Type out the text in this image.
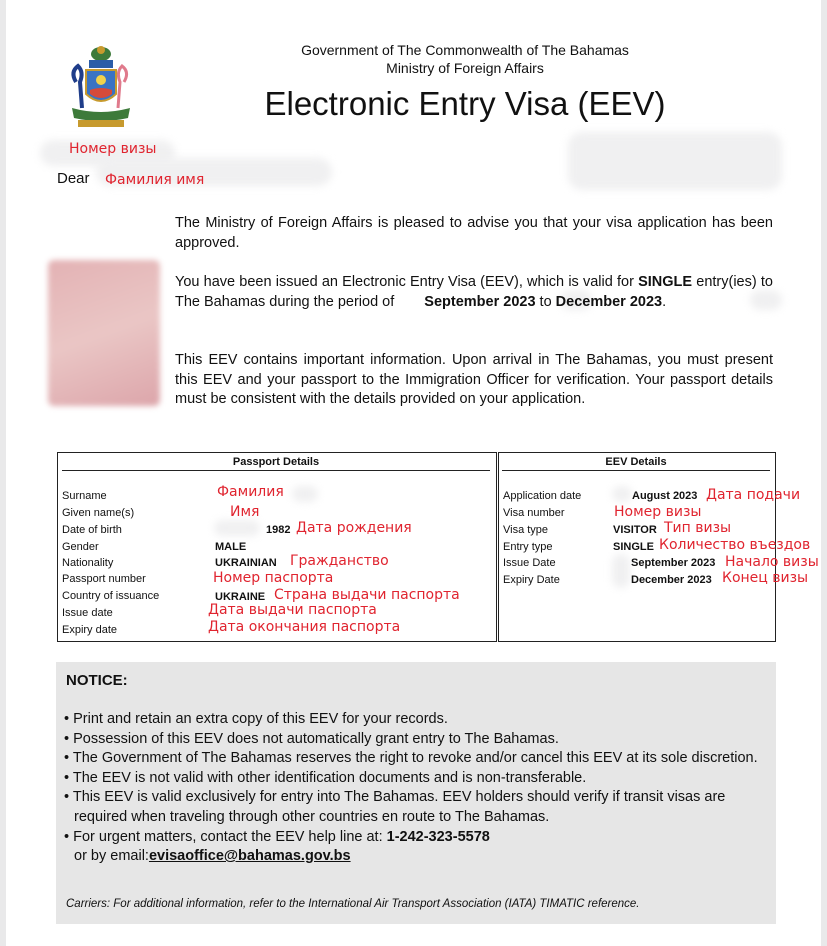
Government of The Commonwealth of The Bahamas
Ministry of Foreign Affairs
Electronic Entry Visa (EEV)
Номер визы
Dear Фамилия имя
The Ministry of Foreign Affairs is pleased to advise you that your visa application has been approved.
You have been issued an Electronic Entry Visa (EEV), which is valid for SINGLE entry(ies) to The Bahamas during the period of September 2023 to December 2023.
This EEV contains important information. Upon arrival in The Bahamas, you must present this EEV and your passport to the Immigration Officer for verification. Your passport details must be consistent with the details provided on your application.
Passport Details
Surname
Given name(s)
Date of birth
Gender
Nationality
Passport number
Country of issuance
Issue date
Expiry date
Фамилия
Имя
1982 Дата рождения
MALE
UKRAINIAN Гражданство
Номер паспорта
UKRAINE Страна выдачи паспорта
Дата выдачи паспорта
Дата окончания паспорта
EEV Details
Application date
Visa number
Visa type
Entry type
Issue Date
Expiry Date
August 2023 Дата подачи
Номер визы
VISITOR Тип визы
SINGLE Количество въездов
September 2023 Начало визы
December 2023 Конец визы
NOTICE:
• Print and retain an extra copy of this EEV for your records.
• Possession of this EEV does not automatically grant entry to The Bahamas.
• The Government of The Bahamas reserves the right to revoke and/or cancel this EEV at its sole discretion.
• The EEV is not valid with other identification documents and is non-transferable.
• This EEV is valid exclusively for entry into The Bahamas. EEV holders should verify if transit visas are required when traveling through other countries en route to The Bahamas.
• For urgent matters, contact the EEV help line at: 1-242-323-5578
or by email:evisaoffice@bahamas.gov.bs
Carriers: For additional information, refer to the International Air Transport Association (IATA) TIMATIC reference.
